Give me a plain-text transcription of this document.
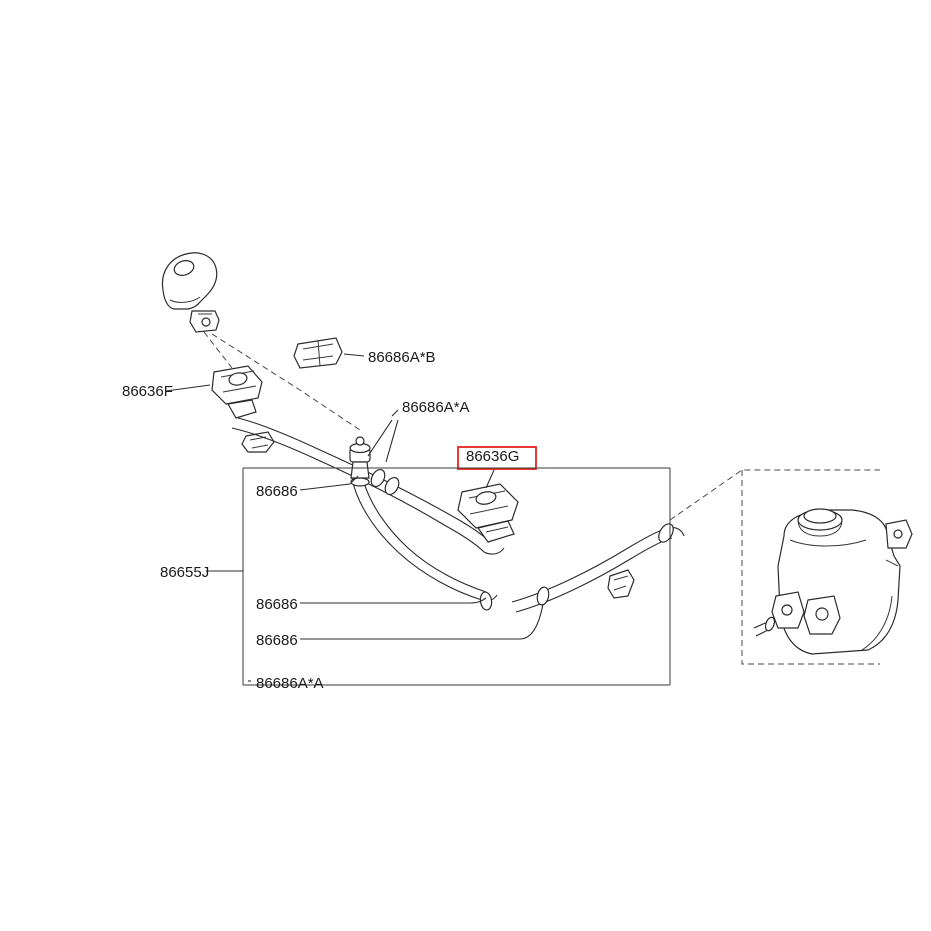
86686A*B
86636F
86686A*A
86636G
86686
86655J
86686
86686
86686A*A
